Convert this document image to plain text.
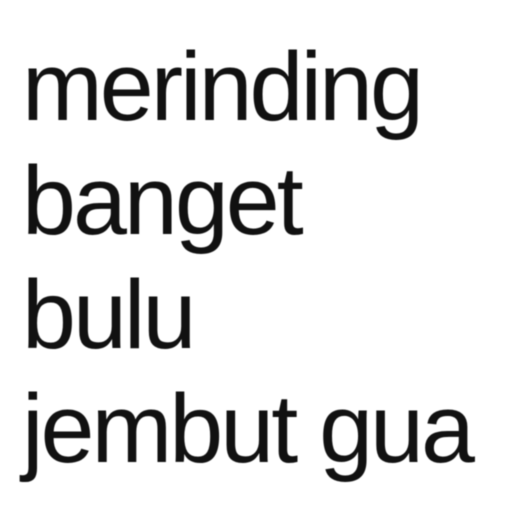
merinding
banget
bulu
jembut gua
